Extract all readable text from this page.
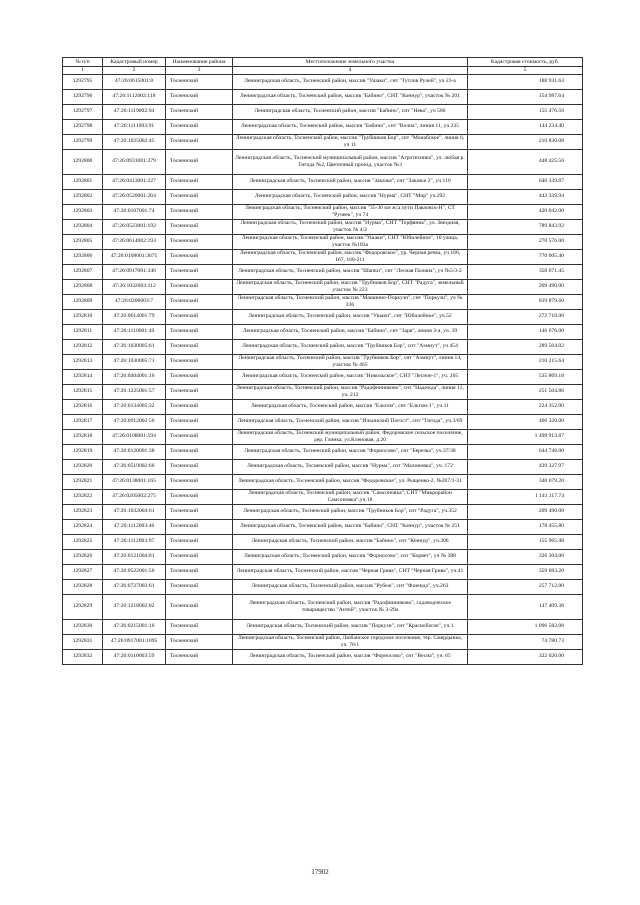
№ п/п	Кадастровый номер	Наименование района	Местоположение земельного участка	Кадастровая стоимость, руб.
1	2	3	4	5
1292795	47:26:0615001:8	Тосненский	Ленинградская область, Тосненский район, массив "Ушаки", снт "Тутлов Ручей", уч 23-а	188 931.63
1292796	47:26:1112002:118	Тосненский	Ленинградская область, Тосненский район, массив "Бабино", СНТ "Коннур", участок № 201	154 987.64
1292797	47:26:1119002:94	Тосненский	Ленинградская область, Тосненский район, массив "Бабино", снт "Нева", уч 566	155 476.56
1292798	47:26:1111003:91	Тосненский	Ленинградская область, Тосненский район, массив "Бабино", снт "Волна", линия 11, уч 235	144 234.40
1292799	47:26:1025002:45	Тосненский	Ленинградская область, Тосненский район, массив "Трубников Бор", снт "Монабское", линия 6, уч 11	210 830.08
1292800	47:26:0931001:279	Тосненский	Ленинградская область, Тосненский муниципальный район, массив "Агротехника", ул. любая р. Тигода №2, Цветочный проезд, участок №3	448 425.56
1292801	47:26:0413001:227	Тосненский	Ленинградская область, Тосненский район, массив "Заказье", снт "Заказье 2", уч 110	646 339.87
1292802	47:26:0520001:264	Тосненский	Ленинградская область, Тосненский район, массив "Нурма", СНТ "Мир" уч.292	442 339.94
1292803	47:26:0107001:74	Тосненский	Ленинградская область, Тосненский район, массив "35-36 км ж/д пути Павловск-Н", СТ "Ручеек", уч 74	420 042.00
1292804	47:26:0523001:192	Тосненский	Ленинградская область, Тосненский район, массив "Нурма", СНТ "Торфяник", ул. Звездная, участок № 4/2	789 843.92
1292805	47:26:0614002:193	Тосненский	Ленинградская область, Тосненский район, массив "Ушаки", СНТ "Юбилейное", 10 улица, участок №183а	270 576.00
1292806	47:26:0108001:3071	Тосненский	Ленинградская область, Тосненский район, массив "Федоровское", ур. Черная речка, уч 166, 167, 168-211	770 005.40
1292807	47:26:0917001:346	Тосненский	Ленинградская область, Тосненский район, массив "Шапки", снт "Лесная Поляна", уч №5/3-2	358 071.45
1292808	47:26:1032003:112	Тосненский	Ленинградская область, Тосненский район, массив "Трубников Бор", СНТ "Радуга", земельный участок № 223	209 490.00
1292809	47:26:0206003:7	Тосненский	Ленинградская область, Тосненский район, массив "Машинно-Поркузи", снт "Поркузи", уч № 336	819 879.60
1292810	47:26:0614001:79	Тосненский	Ленинградская область, Тосненский район, массив "Ушаки", снт "Юбилейное", уч.52	272 718.00
1292811	47:26:1110001:49	Тосненский	Ленинградская область, Тосненский район, массив "Бабино", снт "Заря", линия 3-а, уч. 39	146 676.00
1292812	47:26:1030005:61	Тосненский	Ленинградская область, Тосненский район, массив "Трубников Бор", снт "Аэмнут", уч 454	289 504.02
1292813	47:26:1030005:71	Тосненский	Ленинградская область, Тосненский район, массив "Трубников Бор", снт "Аэмнут", линия 14, участок № 465	210 215.64
1292814	47:26:0404001:16	Тосненский	Ленинградская область, Тосненский район, массив "Никольское", СНТ "Лесное-1", уч. 265	535 869.18
1292815	47:26:1225001:57	Тосненский	Ленинградская область, Тосненский район, массив "Радофинниково", снт "Надежда", линия 11, уч. 212	251 504.86
1292816	47:26:0134005:32	Тосненский	Ленинградская область, Тосненский район, массив "Ельтом", снт "Ельтом-1", уч.11	224 352.00
1292817	47:26:0912002:56	Тосненский	Ленинградская область, Тосненский район, массив "Ильинский Погост", снт "Тигода", уч.3/69	406 320.00
1292818	47:26:0108001:594	Тосненский	Ленинградская область, Тосненский муниципальный район, Федоровское сельское поселение, дер. Глинка, ул.Кленовая, д.20	1 499 913.87
1292819	47:26:0120001:38	Тосненский	Ленинградская область, Тосненский район, массив "Форносово", снт "Березка", уч.37/38	644 748.00
1292820	47:26:0519002:66	Тосненский	Ленинградская область, Тосненский район, массив "Нурма", снт "Малиновка", уч. 172	439 327.97
1292821	47:26:0138001:165	Тосненский	Ленинградская область, Тосненский район, массив "Федоровское", ул. Рыщенко-2, №267/1-31	340 679.20
1292822	47:26:0205002:275	Тосненский	Ленинградская область, Тосненский район, массив "Самсоновка", СНТ "Микрорайон Самсоновка",уч.18	1 141 117.74
1292823	47:26:1032004:61	Тосненский	Ленинградская область, Тосненский район, массив "Трубников Бор", снт "Радуга", уч.352	209 490.00
1292824	47:26:1112003:46	Тосненский	Ленинградская область, Тосненский район, массив "Бабино", СНТ "Коннур", участок № 251	178 455.80
1292825	47:26:1112003:97	Тосненский	Ленинградская область, Тосненский район, массив "Бабино", снт "Коннур", уч.306	155 965.48
1292826	47:26:0121004:81	Тосненский	Ленинградская область, Тосненский район, массив "Форносово", снт "Корвет", уч № 388	326 304.00
1292827	47:26:0522001:56	Тосненский	Ленинградская область, Тосненский район, массив "Черная Грива", СНТ "Черная Грива", уч.41	359 083.20
1292828	47:26:0727003:61	Тосненский	Ленинградская область, Тосненский район, массив "Рубеж", снт "Фазенда", уч.263	257 712.00
1292829	47:26:1218002:82	Тосненский	Ленинградская область, Тосненский район, массив "Радофинниково", садоводческое товарищество "Антей", участок № 3-29а	147 409.38
1292830	47:26:0215001:16	Тосненский	Ленинградская область, Тосненский район, массив "Поркузи", снт "Краснобогач", уч.1	1 096 582.08
1292831	47:26:0917001:1095	Тосненский	Ленинградская область, Тосненский район, Любанское городское поселение, тер. Смердынка, уч. 76/1	74 780.73
1292832	47:26:0110003:59	Тосненский	Ленинградская область, Тосненский район, массив "Форносово", снт "Весна", уч. 65	322 020.00
17902
